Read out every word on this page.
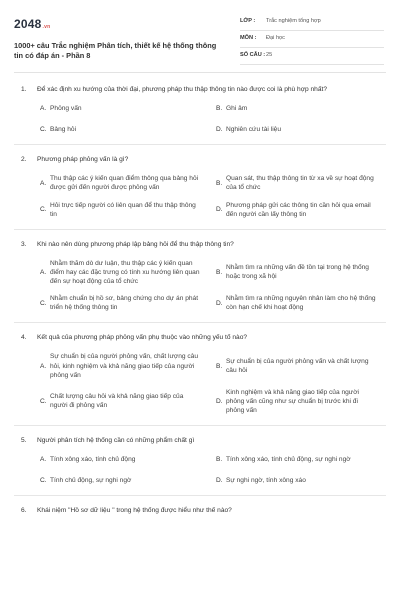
2048 .vn
1000+ câu Trắc nghiệm Phân tích, thiết kế hệ thống thông tin có đáp án - Phần 8
LỚP :	Trắc nghiệm tổng hợp
MÔN :	Đại học
SỐ CÂU : 25
1.	Để xác định xu hướng của thời đại, phương pháp thu thập thông tin nào được coi là phù hợp nhất?
A. Phỏng vấn	B. Ghi âm
C. Bảng hỏi	D. Nghiên cứu tài liệu
2.	Phương pháp phỏng vấn là gì?
A.
Thu thập các ý kiến quan điểm thông qua bảng hỏi được gửi đến người được phỏng vấn
B.
Quan sát, thu thập thông tin từ xa về sự hoạt động của tổ chức
C.
Hỏi trực tiếp người có liên quan để thu thập thông tin
D.
Phương pháp gửi các thông tin cần hỏi qua email đến người cần lấy thông tin
3.	Khi nào nên dùng phương pháp lập bảng hỏi để thu thập thông tin?
A.
Nhằm thăm dò dư luận, thu thập các ý kiến quan điểm hay các đặc trưng có tính xu hướng liên quan đến sự hoạt động của tổ chức
B.
Nhằm tìm ra những vấn đề tồn tại trong hệ thống hoặc trong xã hội
C.
Nhằm chuẩn bị hồ sơ, bảng chứng cho dự án phát triển hệ thống thông tin
D.
Nhằm tìm ra những nguyên nhân làm cho hệ thống còn hạn chế khi hoạt động
4.	Kết quả của phương pháp phỏng vấn phụ thuộc vào những yếu tố nào?
A.
Sự chuẩn bị của người phỏng vấn, chất lượng câu hỏi, kinh nghiệm và khả năng giao tiếp của người phỏng vấn
B.
Sự chuẩn bị của người phỏng vấn và chất lượng câu hỏi
C.
Chất lượng câu hỏi và khả năng giao tiếp của người đi phỏng vấn
D.
Kinh nghiệm và khả năng giao tiếp của người phỏng vấn cũng như sự chuẩn bị trước khi đi phỏng vấn
5.	Người phân tích hệ thống cần có những phẩm chất gì
A. Tính xông xáo, tính chủ động	B. Tính xông xáo, tính chủ động, sự nghi ngờ
C. Tính chủ động, sự nghi ngờ	D. Sự nghi ngờ, tính xông xáo
6.	Khái niệm "Hồ sơ dữ liệu " trong hệ thống được hiểu như thế nào?
